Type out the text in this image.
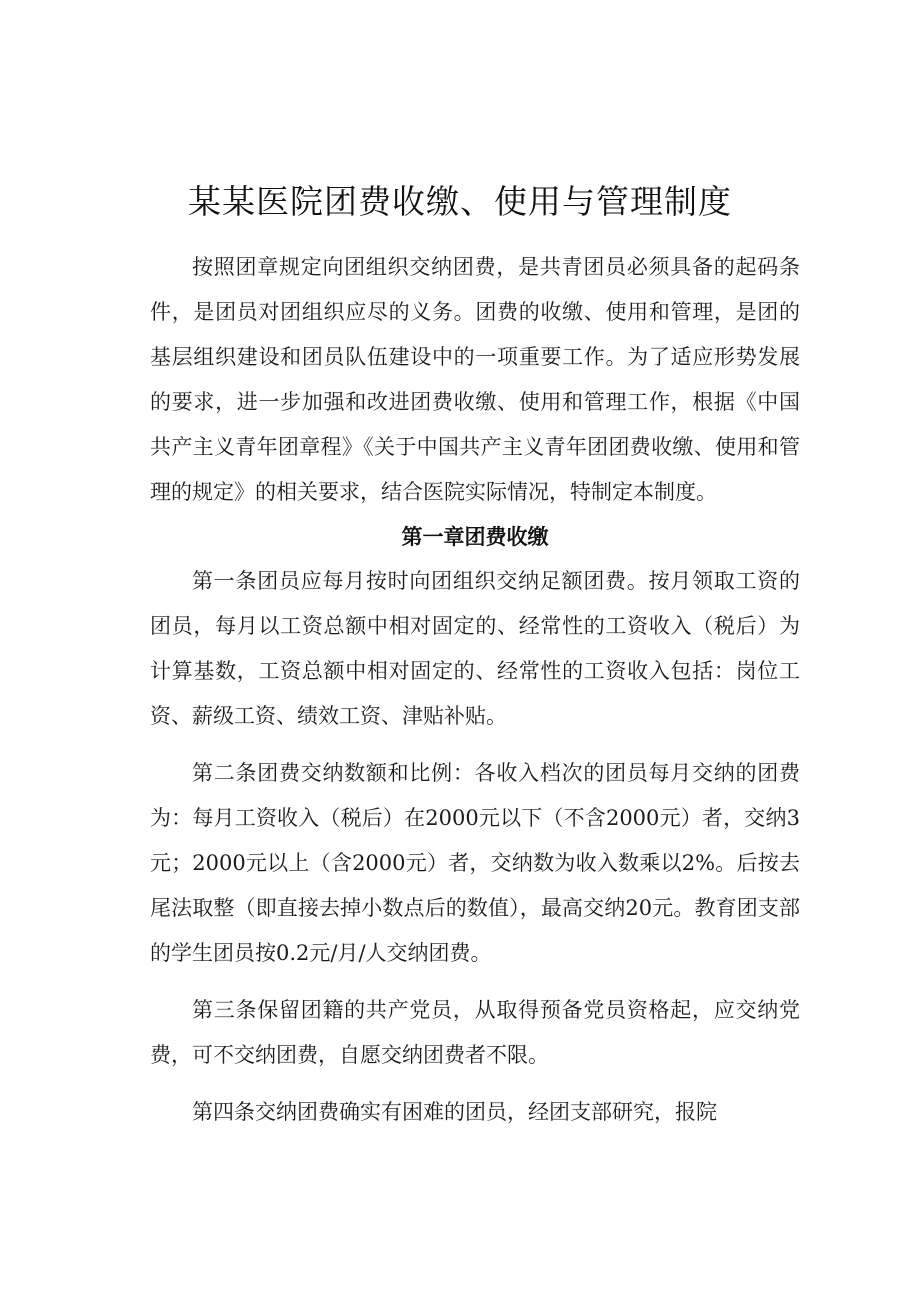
某某医院团费收缴、使用与管理制度

按照团章规定向团组织交纳团费，是共青团员必须具备的起码条件，是团员对团组织应尽的义务。团费的收缴、使用和管理，是团的基层组织建设和团员队伍建设中的一项重要工作。为了适应形势发展的要求，进一步加强和改进团费收缴、使用和管理工作，根据《中国共产主义青年团章程》《关于中国共产主义青年团团费收缴、使用和管理的规定》的相关要求，结合医院实际情况，特制定本制度。

第一章团费收缴

第一条团员应每月按时向团组织交纳足额团费。按月领取工资的团员，每月以工资总额中相对固定的、经常性的工资收入（税后）为计算基数，工资总额中相对固定的、经常性的工资收入包括：岗位工资、薪级工资、绩效工资、津贴补贴。

第二条团费交纳数额和比例：各收入档次的团员每月交纳的团费为：每月工资收入（税后）在2000元以下（不含2000元）者，交纳3元；2000元以上（含2000元）者，交纳数为收入数乘以2%。后按去尾法取整（即直接去掉小数点后的数值），最高交纳20元。教育团支部的学生团员按0.2元/月/人交纳团费。

第三条保留团籍的共产党员，从取得预备党员资格起，应交纳党费，可不交纳团费，自愿交纳团费者不限。

第四条交纳团费确实有困难的团员，经团支部研究，报院
